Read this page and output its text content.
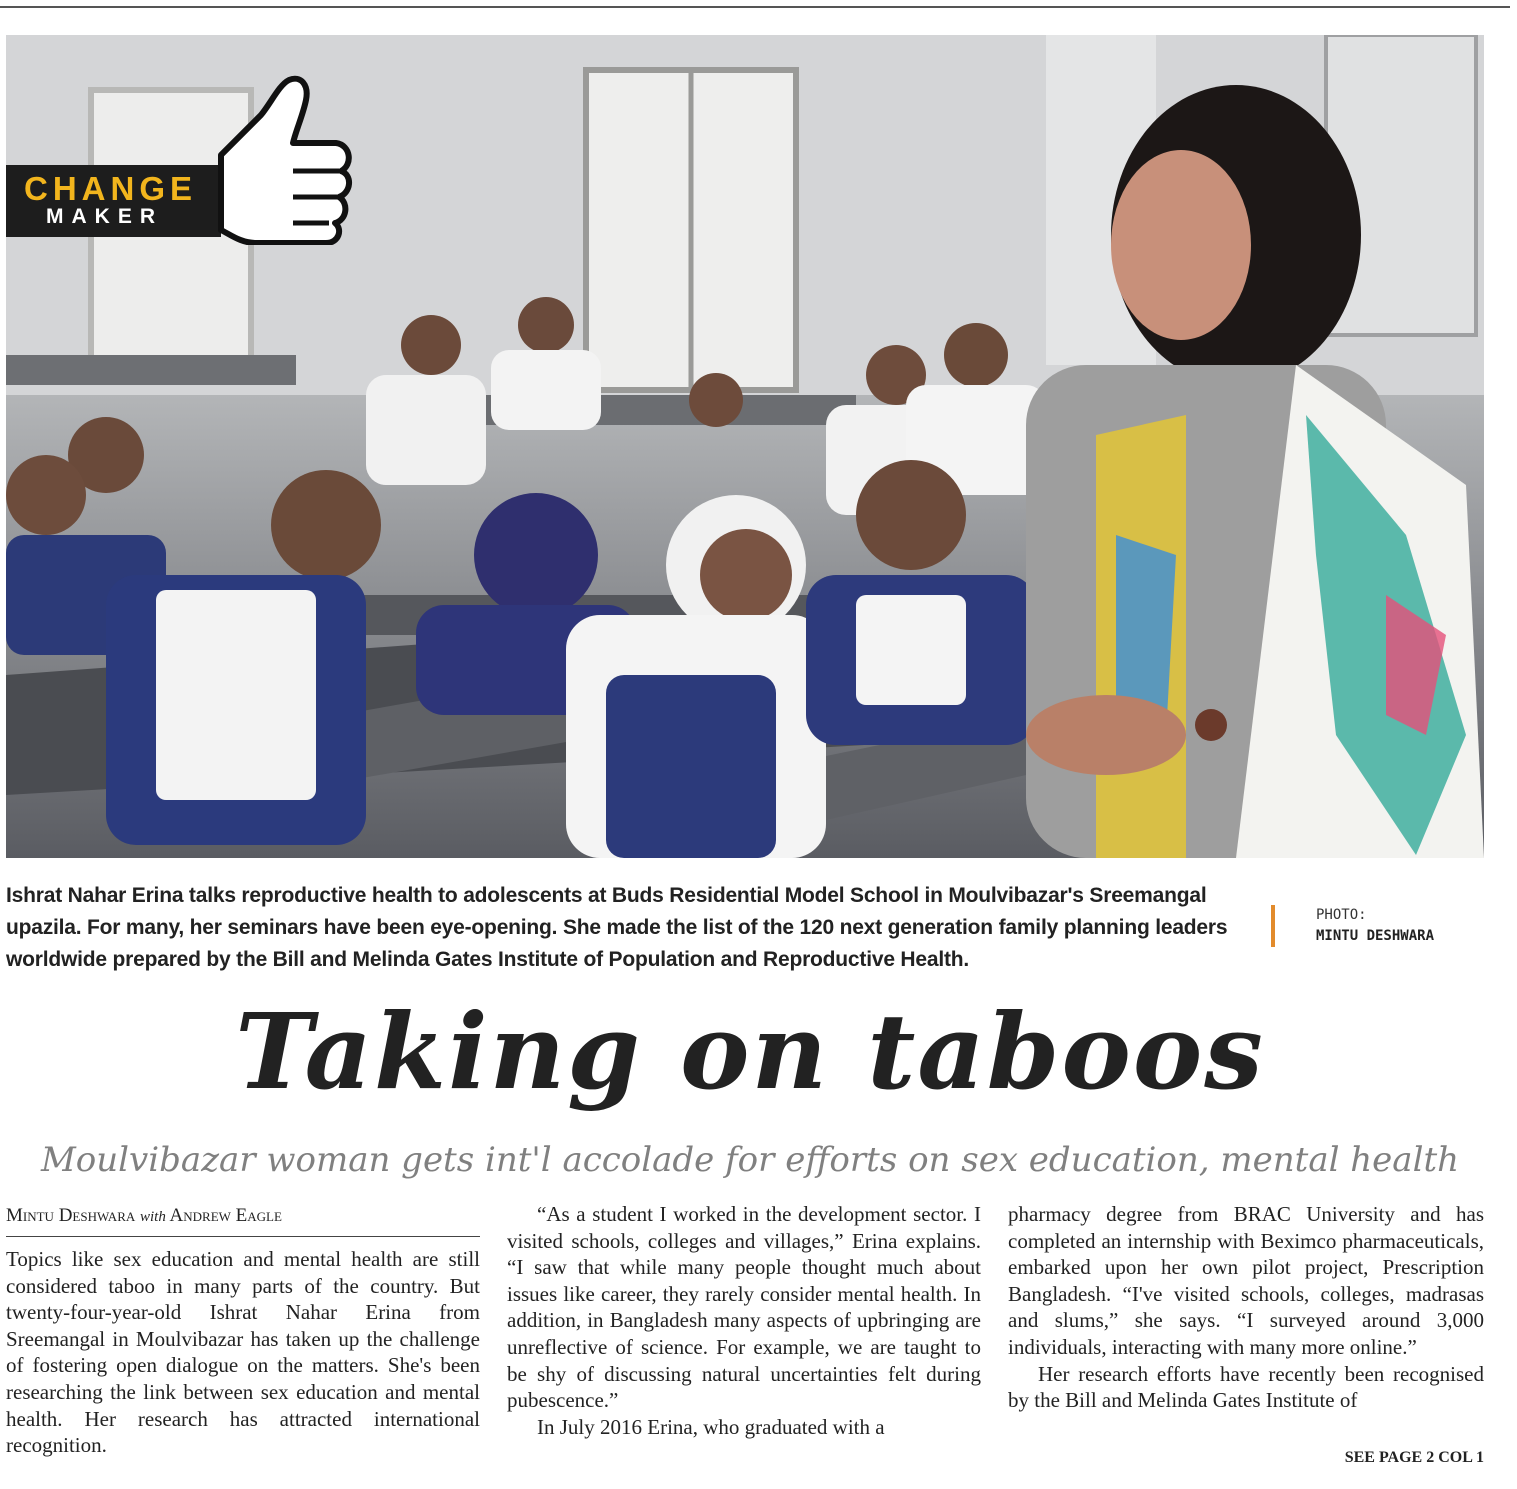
CHANGE
MAKER
Ishrat Nahar Erina talks reproductive health to adolescents at Buds Residential Model School in Moulvibazar's Sreemangal upazila. For many, her seminars have been eye-opening. She made the list of the 120 next generation family planning leaders worldwide prepared by the Bill and Melinda Gates Institute of Population and Reproductive Health.
PHOTO:
MINTU DESHWARA
Taking on taboos
Moulvibazar woman gets int'l accolade for efforts on sex education, mental health
Mintu Deshwara with Andrew Eagle

Topics like sex education and mental health are still considered taboo in many parts of the country. But twenty-four-year-old Ishrat Nahar Erina from Sreemangal in Moulvibazar has taken up the challenge of fostering open dialogue on the matters. She's been researching the link between sex education and mental health. Her research has attracted international recognition.

“As a student I worked in the development sector. I visited schools, colleges and villages,” Erina explains. “I saw that while many people thought much about issues like career, they rarely consider mental health. In addition, in Bangladesh many aspects of upbringing are unreflective of science. For example, we are taught to be shy of discussing natural uncertainties felt during pubescence.”

In July 2016 Erina, who graduated with a

pharmacy degree from BRAC University and has completed an internship with Beximco pharmaceuticals, embarked upon her own pilot project, Prescription Bangladesh. “I've visited schools, colleges, madrasas and slums,” she says. “I surveyed around 3,000 individuals, interacting with many more online.”

Her research efforts have recently been recognised by the Bill and Melinda Gates Institute of

SEE PAGE 2 COL 1
